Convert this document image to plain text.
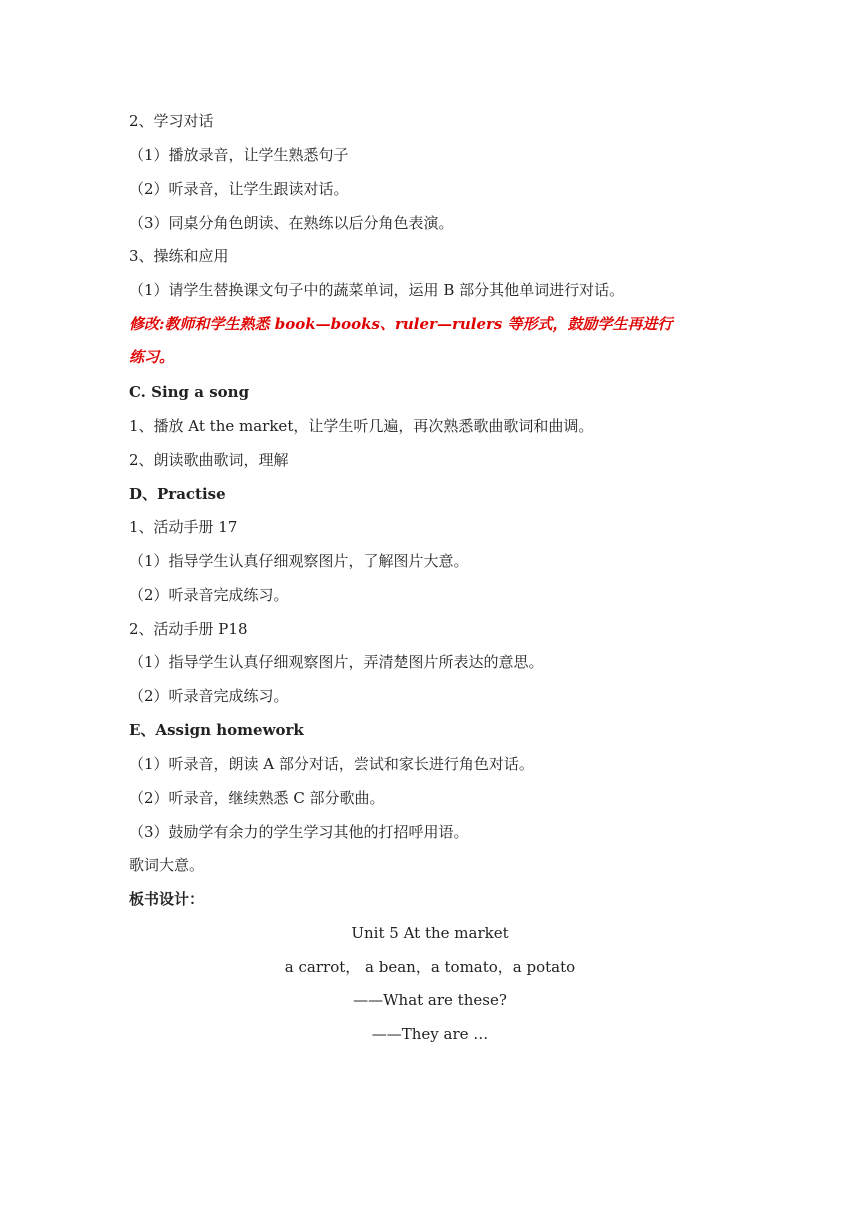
2、学习对话
（1）播放录音，让学生熟悉句子
（2）听录音，让学生跟读对话。
（3）同桌分角色朗读、在熟练以后分角色表演。
3、操练和应用
（1）请学生替换课文句子中的蔬菜单词，运用 B 部分其他单词进行对话。
修改:教师和学生熟悉 book—books、ruler—rulers 等形式，鼓励学生再进行
练习。
C. Sing a song
1、播放 At the market，让学生听几遍，再次熟悉歌曲歌词和曲调。
2、朗读歌曲歌词，理解
D、Practise
1、活动手册 17
（1）指导学生认真仔细观察图片，了解图片大意。
（2）听录音完成练习。
2、活动手册 P18
（1）指导学生认真仔细观察图片，弄清楚图片所表达的意思。
（2）听录音完成练习。
E、Assign homework
（1）听录音，朗读 A 部分对话，尝试和家长进行角色对话。
（2）听录音，继续熟悉 C 部分歌曲。
（3）鼓励学有余力的学生学习其他的打招呼用语。
歌词大意。
板书设计：
Unit 5 At the market
a carrot， a bean，a tomato，a potato
——What are these?
——They are …
